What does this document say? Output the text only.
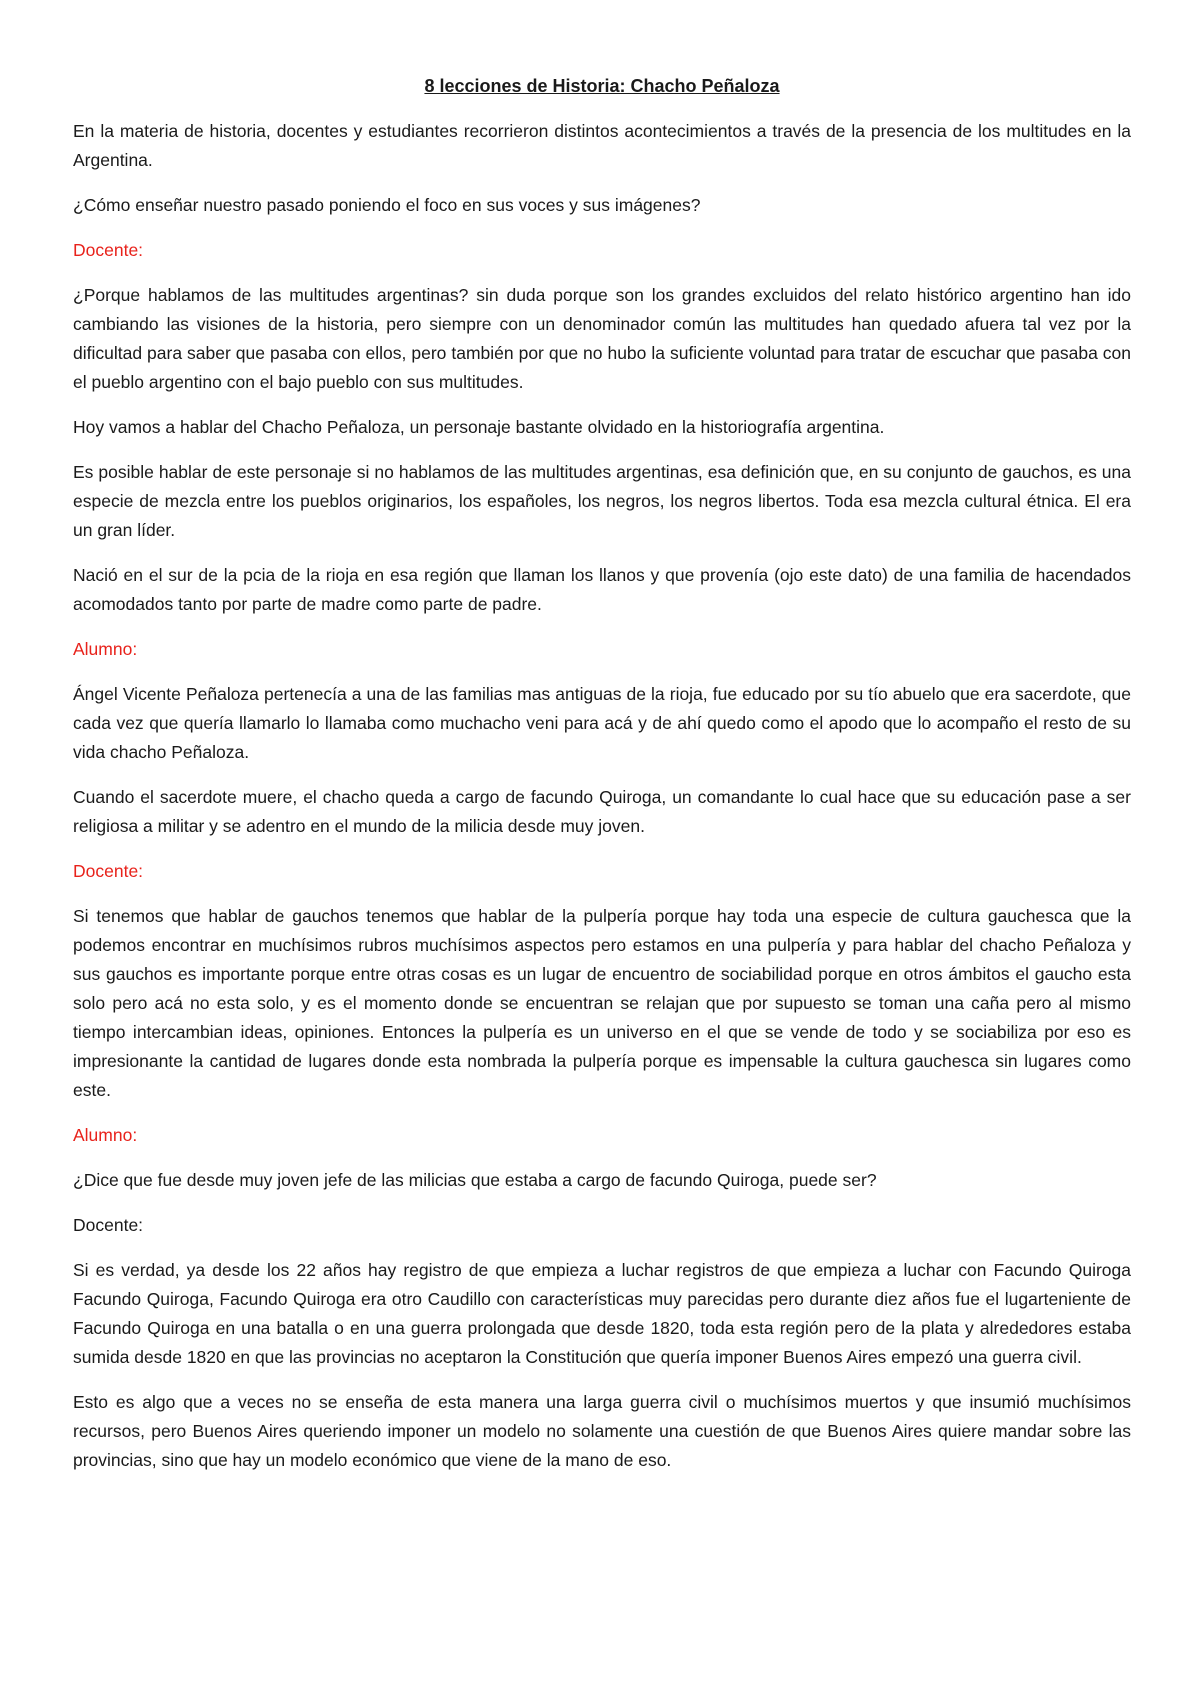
8 lecciones de Historia: Chacho Peñaloza

En la materia de historia, docentes y estudiantes recorrieron distintos acontecimientos a través de la presencia de los multitudes en la Argentina.

¿Cómo enseñar nuestro pasado poniendo el foco en sus voces y sus imágenes?

Docente:

¿Porque hablamos de las multitudes argentinas? sin duda porque son los grandes excluidos del relato histórico argentino han ido cambiando las visiones de la historia, pero siempre con un denominador común las multitudes han quedado afuera tal vez por la dificultad para saber que pasaba con ellos, pero también por que no hubo la suficiente voluntad para tratar de escuchar que pasaba con el pueblo argentino con el bajo pueblo con sus multitudes.

Hoy vamos a hablar del Chacho Peñaloza, un personaje bastante olvidado en la historiografía argentina.

Es posible hablar de este personaje si no hablamos de las multitudes argentinas, esa definición que, en su conjunto de gauchos, es una especie de mezcla entre los pueblos originarios, los españoles, los negros, los negros libertos. Toda esa mezcla cultural étnica. El era un gran líder.

Nació en el sur de la pcia de la rioja en esa región que llaman los llanos y que provenía (ojo este dato) de una familia de hacendados acomodados tanto por parte de madre como parte de padre.

Alumno:

Ángel Vicente Peñaloza pertenecía a una de las familias mas antiguas de la rioja, fue educado por su tío abuelo que era sacerdote, que cada vez que quería llamarlo lo llamaba como muchacho veni para acá y de ahí quedo como el apodo que lo acompaño el resto de su vida chacho Peñaloza.

Cuando el sacerdote muere, el chacho queda a cargo de facundo Quiroga, un comandante lo cual hace que su educación pase a ser religiosa a militar y se adentro en el mundo de la milicia desde muy joven.

Docente:

Si tenemos que hablar de gauchos tenemos que hablar de la pulpería porque hay toda una especie de cultura gauchesca que la podemos encontrar en muchísimos rubros muchísimos aspectos pero estamos en una pulpería y para hablar del chacho Peñaloza y sus gauchos es importante porque entre otras cosas es un lugar de encuentro de sociabilidad porque en otros ámbitos el gaucho esta solo pero acá no esta solo, y es el momento donde se encuentran se relajan que por supuesto se toman una caña pero al mismo tiempo intercambian ideas, opiniones. Entonces la pulpería es un universo en el que se vende de todo y se sociabiliza por eso es impresionante la cantidad de lugares donde esta nombrada la pulpería porque es impensable la cultura gauchesca sin lugares como este.

Alumno:

¿Dice que fue desde muy joven jefe de las milicias que estaba a cargo de facundo Quiroga, puede ser?

Docente:

Si es verdad, ya desde los 22 años hay registro de que empieza a luchar registros de que empieza a luchar con Facundo Quiroga Facundo Quiroga, Facundo Quiroga era otro Caudillo con características muy parecidas pero durante diez años fue el lugarteniente de Facundo Quiroga en una batalla o en una guerra prolongada que desde 1820, toda esta región pero de la plata y alrededores estaba sumida desde 1820 en que las provincias no aceptaron la Constitución que quería imponer Buenos Aires empezó una guerra civil.

Esto es algo que a veces no se enseña de esta manera una larga guerra civil o muchísimos muertos y que insumió muchísimos recursos, pero Buenos Aires queriendo imponer un modelo no solamente una cuestión de que Buenos Aires quiere mandar sobre las provincias, sino que hay un modelo económico que viene de la mano de eso.
